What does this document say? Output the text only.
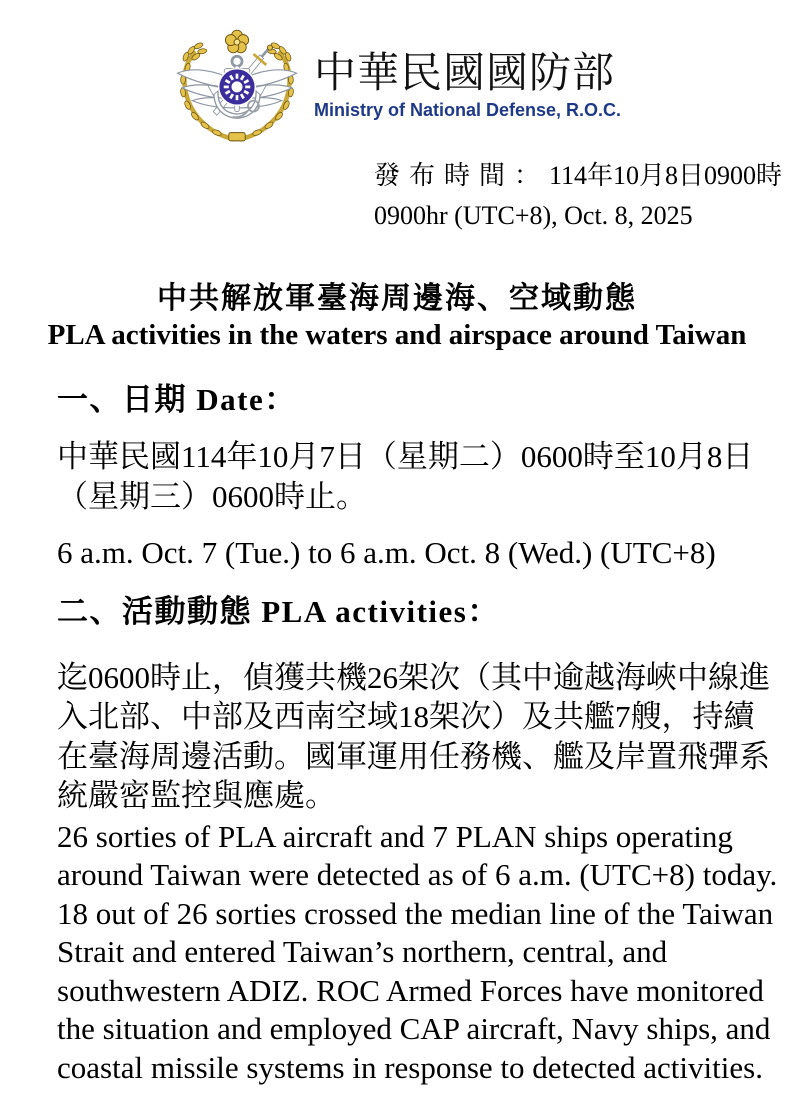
中華民國國防部
Ministry of National Defense, R.O.C.
發布時間：114年10月8日0900時
0900hr (UTC+8), Oct. 8, 2025
中共解放軍臺海周邊海、空域動態
PLA activities in the waters and airspace around Taiwan
一、日期 Date：

中華民國114年10月7日（星期二）0600時至10月8日
（星期三）0600時止。

6 a.m. Oct. 7 (Tue.) to 6 a.m. Oct. 8 (Wed.) (UTC+8)

二、活動動態 PLA activities：

迄0600時止，偵獲共機26架次（其中逾越海峽中線進
入北部、中部及西南空域18架次）及共艦7艘，持續
在臺海周邊活動。國軍運用任務機、艦及岸置飛彈系
統嚴密監控與應處。

26 sorties of PLA aircraft and 7 PLAN ships operating
around Taiwan were detected as of 6 a.m. (UTC+8) today.
18 out of 26 sorties crossed the median line of the Taiwan
Strait and entered Taiwan’s northern, central, and
southwestern ADIZ. ROC Armed Forces have monitored
the situation and employed CAP aircraft, Navy ships, and
coastal missile systems in response to detected activities.
